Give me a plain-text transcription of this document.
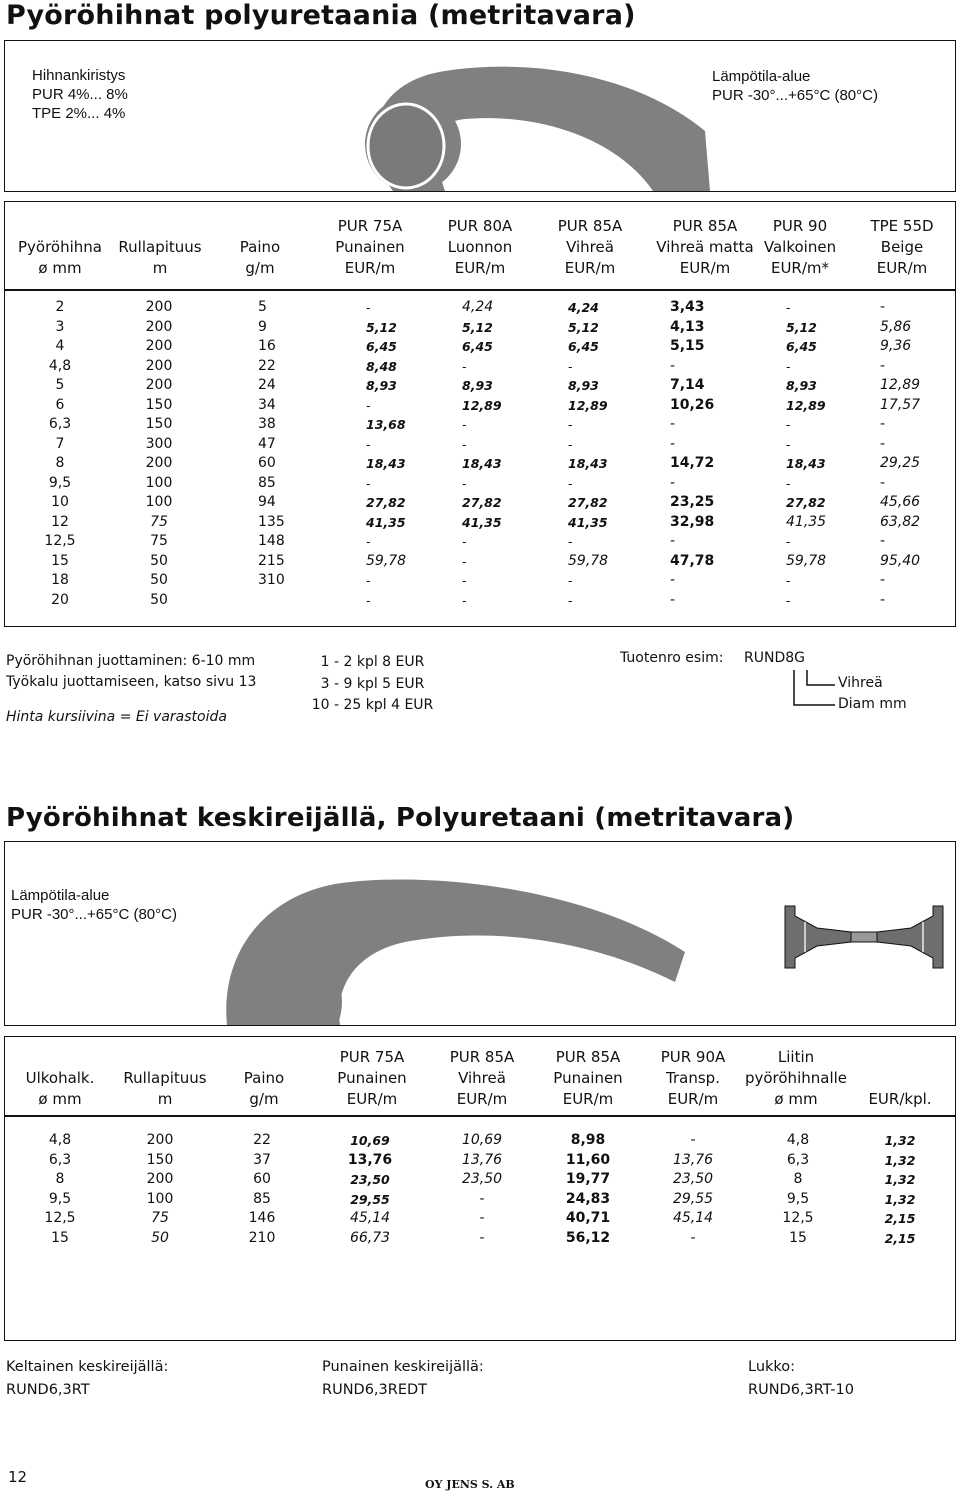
Pyöröhihnat polyuretaania (metritavara)
Hihnankiristys
PUR 4%... 8%
TPE 2%... 4%
Lämpötila-alue
PUR -30°...+65°C (80°C)

Pyöröhihna
ø mm

Rullapituus
m

Paino
g/m
PUR 75A
Punainen
EUR/m
PUR 80A
Luonnon
EUR/m
PUR 85A
Vihreä
EUR/m
PUR 85A
Vihreä matta
EUR/m
PUR 90
Valkoinen
EUR/m*
TPE 55D
Beige
EUR/m
2
3
4
4,8
5
6
6,3
7
8
9,5
10
12
12,5
15
18
20
200
200
200
200
200
150
150
300
200
100
100
75
75
50
50
50
5
9
16
22
24
34
38
47
60
85
94
135
148
215
310
-
5,12
6,45
8,48
8,93
-
13,68
-
18,43
-
27,82
41,35
-
59,78
-
-
4,24
5,12
6,45
-
8,93
12,89
-
-
18,43
-
27,82
41,35
-
-
-
-
4,24
5,12
6,45
-
8,93
12,89
-
-
18,43
-
27,82
41,35
-
59,78
-
-
3,43
4,13
5,15
-
7,14
10,26
-
-
14,72
-
23,25
32,98
-
47,78
-
-
-
5,12
6,45
-
8,93
12,89
-
-
18,43
-
27,82
41,35
-
59,78
-
-
-
5,86
9,36
-
12,89
17,57
-
-
29,25
-
45,66
63,82
-
95,40
-
-
Pyöröhihnan juottaminen: 6-10 mm
Työkalu juottamiseen, katso sivu 13
Hinta kursiivina = Ei varastoida
1 - 2 kpl 8 EUR
3 - 9 kpl 5 EUR
10 - 25 kpl 4 EUR
Tuotenro esim: RUND8G
Vihreä
Diam mm
Pyöröhihnat keskireijällä, Polyuretaani (metritavara)
Lämpötila-alue
PUR -30°...+65°C (80°C)

Ulkohalk.
ø mm

Rullapituus
m

Paino
g/m
PUR 75A
Punainen
EUR/m
PUR 85A
Vihreä
EUR/m
PUR 85A
Punainen
EUR/m
PUR 90A
Transp.
EUR/m
Liitin
pyöröhihnalle
ø mm

	EUR/kpl.
4,8
6,3
8
9,5
12,5
15
200
150
200
100
75
50
22
37
60
85
146
210
10,69
13,76
23,50
29,55
45,14
66,73
10,69
13,76
23,50
-
-
-
8,98
11,60
19,77
24,83
40,71
56,12
-
13,76
23,50
29,55
45,14
-
4,8
6,3
8
9,5
12,5
15
1,32
1,32
1,32
1,32
2,15
2,15
Keltainen keskireijällä:
RUND6,3RT
Punainen keskireijällä:
RUND6,3REDT
Lukko:
RUND6,3RT-10
12	OY JENS S. AB
